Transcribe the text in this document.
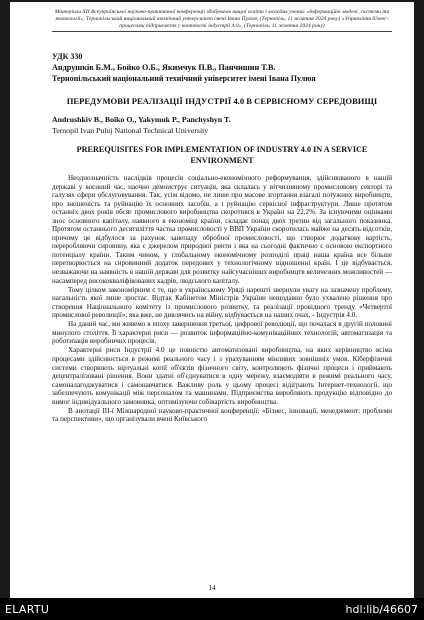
Матеріали XII Всеукраїнської науково-практичної конференції здобувачів вищої освіти і молодих учених «Інформаційні моделі, системи та технології», Тернопільський національний технічний університет імені Івана Пулюя, (Тернопіль, 11 жовтня 2024 року) «Управління бізнес-процесами підприємств у контексті індустрії 4.0», (Тернопіль, 11 жовтня 2024 року)
УДК 330
Андрушків Б.М., Бойко О.Б., Якимчук П.В., Панчишин Т.В.
Тернопільський національний технічний університет імені Івана Пулюя
ПЕРЕДУМОВИ РЕАЛІЗАЦІЇ ІНДУСТРІЇ 4.0 В СЕРВІСНОМУ СЕРЕДОВИЩІ
Andrushkiv B., Boiko O., Yakymuk P., Panchyshyn T.
Ternopil Ivan Puluj National Technical University
PREREQUISITES FOR IMPLEMENTATION OF INDUSTRY 4.0 IN A SERVICE ENVIRONMENT

Неоднозначність наслідків процесів соціально-економічного реформування, здійснюваного в нашій державі у воєнний час, наочно демонструє ситуація, яка склалась у вітчизняному промисловому секторі та галузях сфери обслуговування. Так, усім відомо, не лише про масове згортання взагалі потужних виробництв, про зношеність та руйнацію їх основних засобів, а і руйнацію сервісної інфраструктури. Лише протягом останніх двох років обсяг промислового виробництва скоротився в Україні на 22,2%. За існуючими оцінками знос основного капіталу, наявного в економіці країни, складає понад двох третин від загального показника. Протягом останнього десятиліття частка промисловості у ВВП України скоротилась майже на десять відсотків, причому це відбулося за рахунок занепаду обробної промисловості, що створює додаткову вартість, переробляючи сировину, яка є джерелом природної ренти і яка на сьогодні фактично є основою експортного потенціалу країни. Таким чином, у глобальному економічному розподілі праці наша країна все більше перетворюється на сировинний додаток передових у технологічному відношенні країн. І це відбувається, незважаючи на наявність в нашій державі для розвитку найсучасніших виробництв величезних можливостей — насамперед висококваліфікованих кадрів, людського капіталу.

Тому цілком закономірним є те, що в українському Уряді нарешті звернули увагу на зазначену проблему, нагальність якої лише зростає. Відтак Кабінетом Міністрів України нещодавно було ухвалено рішення про створення Національного комітету із промислового розвитку, та реалізації провідного тренду «Четвертої промислової революції», яка вже, не дивлячись на війну, відбувається на наших очах, - Індустрія 4.0.

На даний час, ми живемо в епоху завершення третьої, цифрової революції, що почалася в другій половині минулого століття. Її характерні риси — розвиток інформаційно-комунікаційних технологій, автоматизація та роботизація виробничих процесів.

Характерні риси Індустрії 4.0 це повністю автоматизовані виробництва, на яких керівництво всіма процесами здійснюється в режимі реального часу і з урахуванням мінливих зовнішніх умов. Кіберфізичні системи створюють віртуальні копії об'єктів фізичного світу, контролюють фізичні процеси і приймають децентралізовані рішення. Вони здатні об'єднуватися в одну мережу, взаємодіяти в режимі реального часу, самоналагоджуватися і самонавчатися. Важливу роль у цьому процесі відіграють Інтернет-технології, що забезпечують комунікації між персоналом та машинами. Підприємства виробляють продукцію відповідно до вимог індивідуального замовника, оптимізуючи собівартість виробництва.

В анотації III-ї Міжнародної науково-практичної конференції: «Бізнес, інновації, менеджмент: проблеми та перспективи», що організували вчені Київського

14
ELARTU	hdl:lib/46607
